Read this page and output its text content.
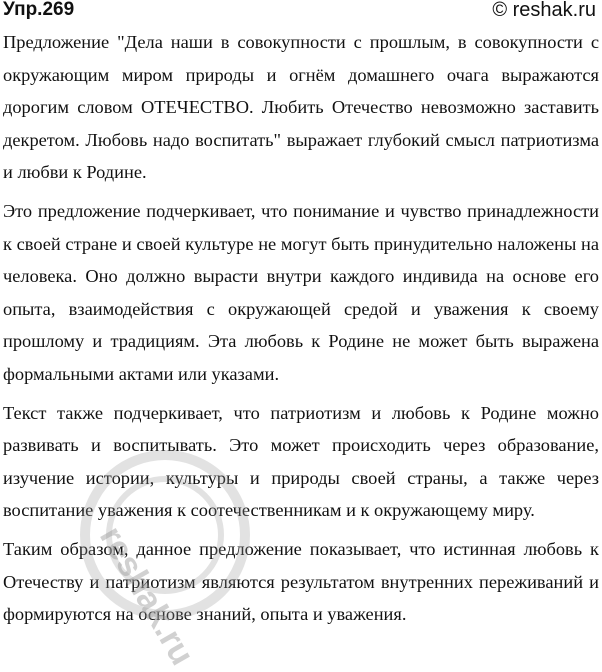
Упр.269	© reshak.ru

Предложение "Дела наши в совокупности с прошлым, в совокупности с окружающим миром природы и огнём домашнего очага выражаются дорогим словом ОТЕЧЕСТВО. Любить Отечество невозможно заставить декретом. Любовь надо воспитать" выражает глубокий смысл патриотизма и любви к Родине.

Это предложение подчеркивает, что понимание и чувство принадлежности к своей стране и своей культуре не могут быть принудительно наложены на человека. Оно должно вырасти внутри каждого индивида на основе его опыта, взаимодействия с окружающей средой и уважения к своему прошлому и традициям. Эта любовь к Родине не может быть выражена формальными актами или указами.

Текст также подчеркивает, что патриотизм и любовь к Родине можно развивать и воспитывать. Это может происходить через образование, изучение истории, культуры и природы своей страны, а также через воспитание уважения к соотечественникам и к окружающему миру.

Таким образом, данное предложение показывает, что истинная любовь к Отечеству и патриотизм являются результатом внутренних переживаний и формируются на основе знаний, опыта и уважения.

reshak.ru
